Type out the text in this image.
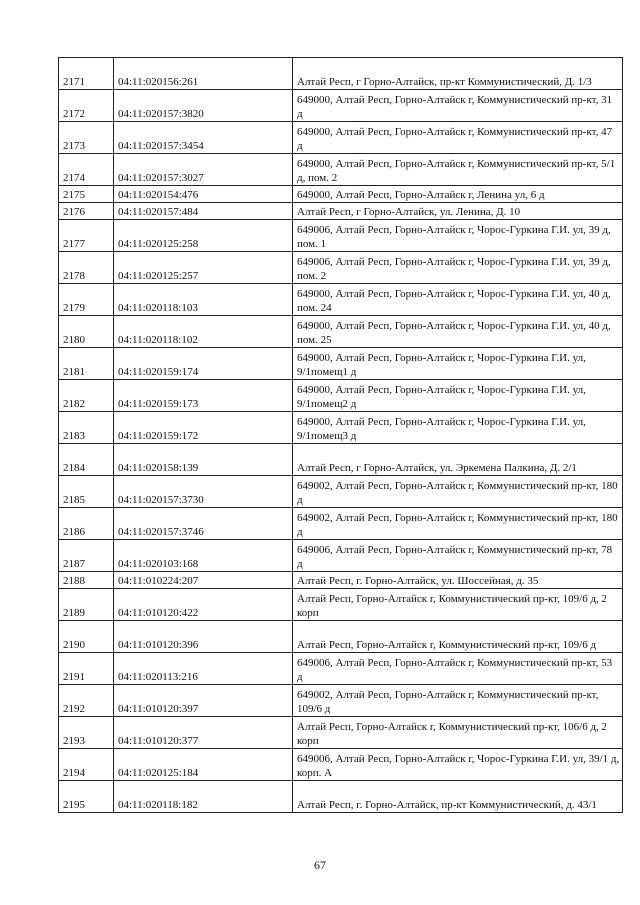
2171	04:11:020156:261	Алтай Респ, г Горно-Алтайск, пр-кт Коммунистический, Д. 1/3
2172	04:11:020157:3820	649000, Алтай Респ, Горно-Алтайск г, Коммунистический пр-кт, 31 д
2173	04:11:020157:3454	649000, Алтай Респ, Горно-Алтайск г, Коммунистический пр-кт, 47 д
2174	04:11:020157:3027	649000, Алтай Респ, Горно-Алтайск г, Коммунистический пр-кт, 5/1 д, пом. 2
2175	04:11:020154:476	649000, Алтай Респ, Горно-Алтайск г, Ленина ул, 6 д
2176	04:11:020157:484	Алтай Респ, г Горно-Алтайск, ул. Ленина, Д. 10
2177	04:11:020125:258	649006, Алтай Респ, Горно-Алтайск г, Чорос-Гуркина Г.И. ул, 39 д, пом. 1
2178	04:11:020125:257	649006, Алтай Респ, Горно-Алтайск г, Чорос-Гуркина Г.И. ул, 39 д, пом. 2
2179	04:11:020118:103	649000, Алтай Респ, Горно-Алтайск г, Чорос-Гуркина Г.И. ул, 40 д, пом. 24
2180	04:11:020118:102	649000, Алтай Респ, Горно-Алтайск г, Чорос-Гуркина Г.И. ул, 40 д, пом. 25
2181	04:11:020159:174	649000, Алтай Респ, Горно-Алтайск г, Чорос-Гуркина Г.И. ул, 9/1помещ1 д
2182	04:11:020159:173	649000, Алтай Респ, Горно-Алтайск г, Чорос-Гуркина Г.И. ул, 9/1помещ2 д
2183	04:11:020159:172	649000, Алтай Респ, Горно-Алтайск г, Чорос-Гуркина Г.И. ул, 9/1помещ3 д
2184	04:11:020158:139	Алтай Респ, г Горно-Алтайск, ул. Эркемена Палкина, Д. 2/1
2185	04:11:020157:3730	649002, Алтай Респ, Горно-Алтайск г, Коммунистический пр-кт, 180 д
2186	04:11:020157:3746	649002, Алтай Респ, Горно-Алтайск г, Коммунистический пр-кт, 180 д
2187	04:11:020103:168	649006, Алтай Респ, Горно-Алтайск г, Коммунистический пр-кт, 78 д
2188	04:11:010224:207	Алтай Респ, г. Горно-Алтайск, ул. Шоссейная, д. 35
2189	04:11:010120:422	Алтай Респ, Горно-Алтайск г, Коммунистический пр-кт, 109/6 д, 2 корп
2190	04:11:010120:396	Алтай Респ, Горно-Алтайск г, Коммунистический пр-кт, 109/6 д
2191	04:11:020113:216	649006, Алтай Респ, Горно-Алтайск г, Коммунистический пр-кт, 53 д
2192	04:11:010120:397	649002, Алтай Респ, Горно-Алтайск г, Коммунистический пр-кт, 109/6 д
2193	04:11:010120:377	Алтай Респ, Горно-Алтайск г, Коммунистический пр-кт, 106/6 д, 2 корп
2194	04:11:020125:184	649006, Алтай Респ, Горно-Алтайск г, Чорос-Гуркина Г.И. ул, 39/1 д, корп. А
2195	04:11:020118:182	Алтай Респ, г. Горно-Алтайск, пр-кт Коммунистический, д. 43/1
67
